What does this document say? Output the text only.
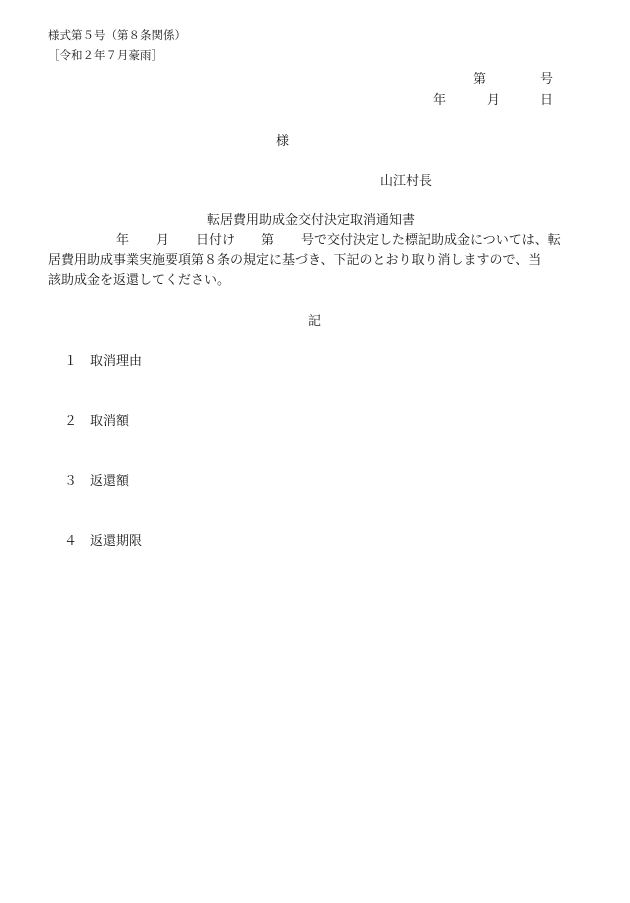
様式第５号（第８条関係）
［令和２年７月豪雨］
第	号
年	月	日
様
山江村長
転居費用助成金交付決定取消通知書
年 月 日付け 第 号で交付決定した標記助成金については、転
居費用助成事業実施要項第８条の規定に基づき、下記のとおり取り消しますので、当
該助成金を返還してください。
記
１ 取消理由
２ 取消額
３ 返還額
４ 返還期限
